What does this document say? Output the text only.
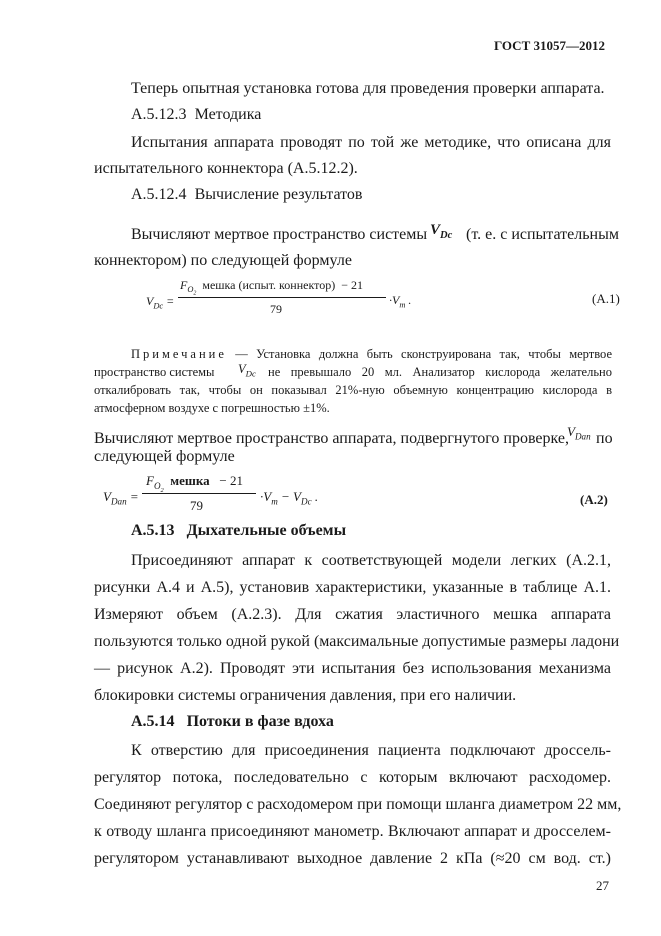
ГОСТ 31057—2012
Теперь опытная установка готова для проведения проверки аппарата.
А.5.12.3 Методика
Испытания аппарата проводят по той же методике, что описана для
испытательного коннектора (А.5.12.2).
А.5.12.4 Вычисление результатов
Вычисляют мертвое пространство системы $V_{Dc}$ (т. е. с испытательным
коннектором) по следующей формуле
$V_{Dc}$ =
$F_{O_2}$  мешка (испыт. коннектор) − 21
79
$\cdot V_т$ .	(А.1)
Примечание — Установка должна быть сконструирована так, чтобы мертвое
пространство системы $V_{Dc}$ не превышало 20 мл. Анализатор кислорода желательно
откалибровать так, чтобы он показывал 21%-ную объемную концентрацию кислорода в
атмосферном воздухе с погрешностью ±1%.
Вычисляют мертвое пространство аппарата, подвергнутого проверке,
$V_{Dап}$ по
следующей формуле
$V_{Dап}$ =
$F_{O_2}$  мешка − 21
79
$\cdot V_т - V_{Dc}$ .	(А.2)
А.5.13 Дыхательные объемы
Присоединяют аппарат к соответствующей модели легких (А.2.1,
рисунки А.4 и А.5), установив характеристики, указанные в таблице А.1.
Измеряют объем (А.2.3). Для сжатия эластичного мешка аппарата
пользуются только одной рукой (максимальные допустимые размеры ладони
— рисунок А.2). Проводят эти испытания без использования механизма
блокировки системы ограничения давления, при его наличии.
А.5.14 Потоки в фазе вдоха
К отверстию для присоединения пациента подключают дроссель-
регулятор потока, последовательно с которым включают расходомер.
Соединяют регулятор с расходомером при помощи шланга диаметром 22 мм,
к отводу шланга присоединяют манометр. Включают аппарат и дросселем-
регулятором устанавливают выходное давление 2 кПа (≈20 см вод. ст.)
27
